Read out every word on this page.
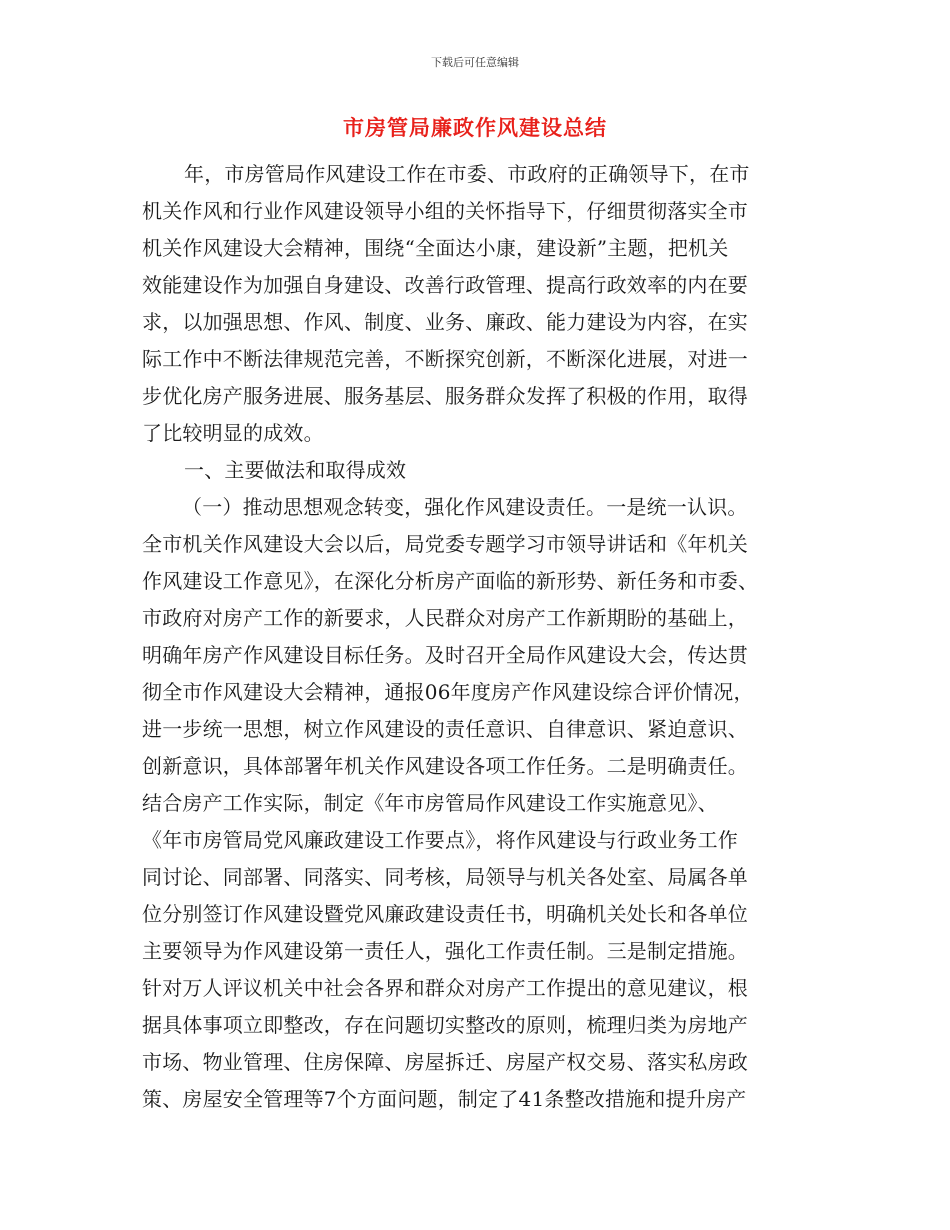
下载后可任意编辑
市房管局廉政作风建设总结
年，市房管局作风建设工作在市委、市政府的正确领导下，在市
机关作风和行业作风建设领导小组的关怀指导下，仔细贯彻落实全市
机关作风建设大会精神，围绕“全面达小康，建设新”主题，把机关
效能建设作为加强自身建设、改善行政管理、提高行政效率的内在要
求，以加强思想、作风、制度、业务、廉政、能力建设为内容，在实
际工作中不断法律规范完善，不断探究创新，不断深化进展，对进一
步优化房产服务进展、服务基层、服务群众发挥了积极的作用，取得
了比较明显的成效。
一、主要做法和取得成效
（一）推动思想观念转变，强化作风建设责任。一是统一认识。
全市机关作风建设大会以后，局党委专题学习市领导讲话和《年机关
作风建设工作意见》，在深化分析房产面临的新形势、新任务和市委、
市政府对房产工作的新要求，人民群众对房产工作新期盼的基础上，
明确年房产作风建设目标任务。及时召开全局作风建设大会，传达贯
彻全市作风建设大会精神，通报06年度房产作风建设综合评价情况，
进一步统一思想，树立作风建设的责任意识、自律意识、紧迫意识、
创新意识，具体部署年机关作风建设各项工作任务。二是明确责任。
结合房产工作实际，制定《年市房管局作风建设工作实施意见》、
《年市房管局党风廉政建设工作要点》，将作风建设与行政业务工作
同讨论、同部署、同落实、同考核，局领导与机关各处室、局属各单
位分别签订作风建设暨党风廉政建设责任书，明确机关处长和各单位
主要领导为作风建设第一责任人，强化工作责任制。三是制定措施。
针对万人评议机关中社会各界和群众对房产工作提出的意见建议，根
据具体事项立即整改，存在问题切实整改的原则，梳理归类为房地产
市场、物业管理、住房保障、房屋拆迁、房屋产权交易、落实私房政
策、房屋安全管理等7个方面问题，制定了41条整改措施和提升房产
